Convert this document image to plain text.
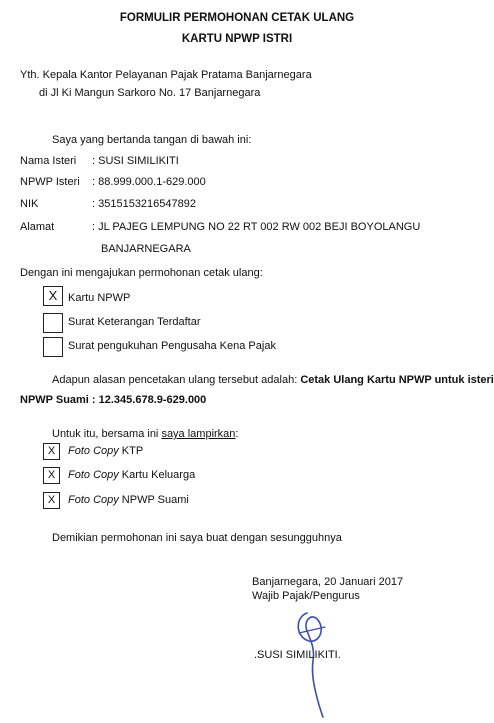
FORMULIR PERMOHONAN CETAK ULANG
KARTU NPWP ISTRI
Yth. Kepala Kantor Pelayanan Pajak Pratama Banjarnegara
di Jl Ki Mangun Sarkoro No. 17 Banjarnegara
Saya yang bertanda tangan di bawah ini:
Nama Isteri : SUSI SIMILIKITI
NPWP Isteri : 88.999.000.1-629.000
NIK	: 3515153216547892
Alamat	: JL PAJEG LEMPUNG NO 22 RT 002 RW 002 BEJI BOYOLANGU
BANJARNEGARA
Dengan ini mengajukan permohonan cetak ulang:
X Kartu NPWP
Surat Keterangan Terdaftar
Surat pengukuhan Pengusaha Kena Pajak
Adapun alasan pencetakan ulang tersebut adalah: Cetak Ulang Kartu NPWP untuk isteri
NPWP Suami : 12.345.678.9-629.000
Untuk itu, bersama ini saya lampirkan:
X	Foto Copy KTP
X	Foto Copy Kartu Keluarga
X	Foto Copy NPWP Suami
Demikian permohonan ini saya buat dengan sesungguhnya
Banjarnegara, 20 Januari 2017
Wajib Pajak/Pengurus
.SUSI SIMILIKITI.
